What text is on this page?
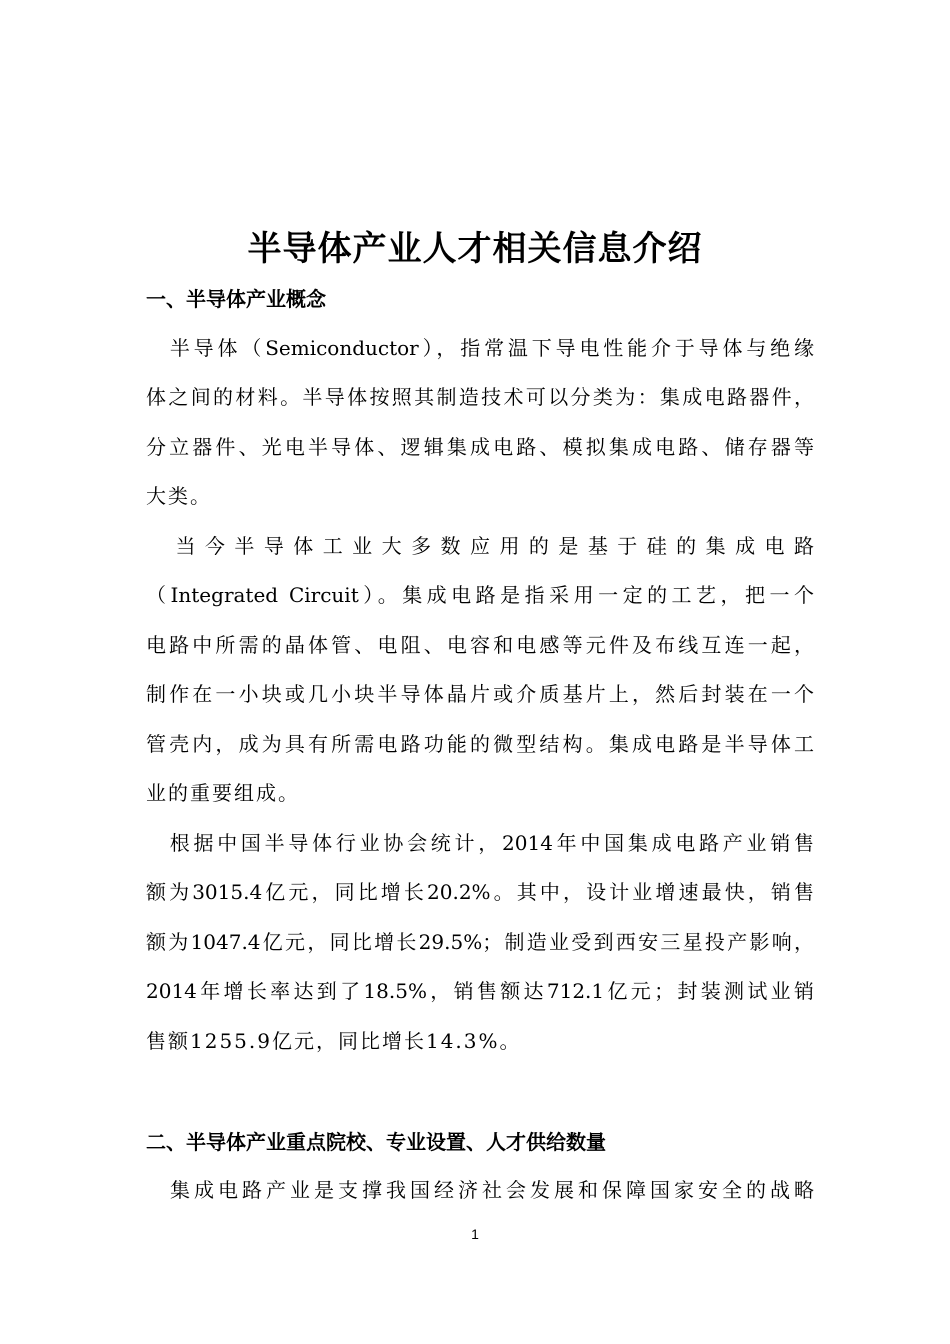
半导体产业人才相关信息介绍
一、半导体产业概念
　半导体（Semiconductor），指常温下导电性能介于导体与绝缘
体之间的材料。半导体按照其制造技术可以分类为：集成电路器件，
分立器件、光电半导体、逻辑集成电路、模拟集成电路、储存器等
大类。
　当今半导体工业大多数应用的是基于硅的集成电路
（Integrated Circuit）。集成电路是指采用一定的工艺，把一个
电路中所需的晶体管、电阻、电容和电感等元件及布线互连一起，
制作在一小块或几小块半导体晶片或介质基片上，然后封装在一个
管壳内，成为具有所需电路功能的微型结构。集成电路是半导体工
业的重要组成。
　根据中国半导体行业协会统计，2014年中国集成电路产业销售
额为3015.4亿元，同比增长20.2%。其中，设计业增速最快，销售
额为1047.4亿元，同比增长29.5%；制造业受到西安三星投产影响，
2014年增长率达到了18.5%，销售额达712.1亿元；封装测试业销
售额1255.9亿元，同比增长14.3%。
二、半导体产业重点院校、专业设置、人才供给数量
　集成电路产业是支撑我国经济社会发展和保障国家安全的战略
1
